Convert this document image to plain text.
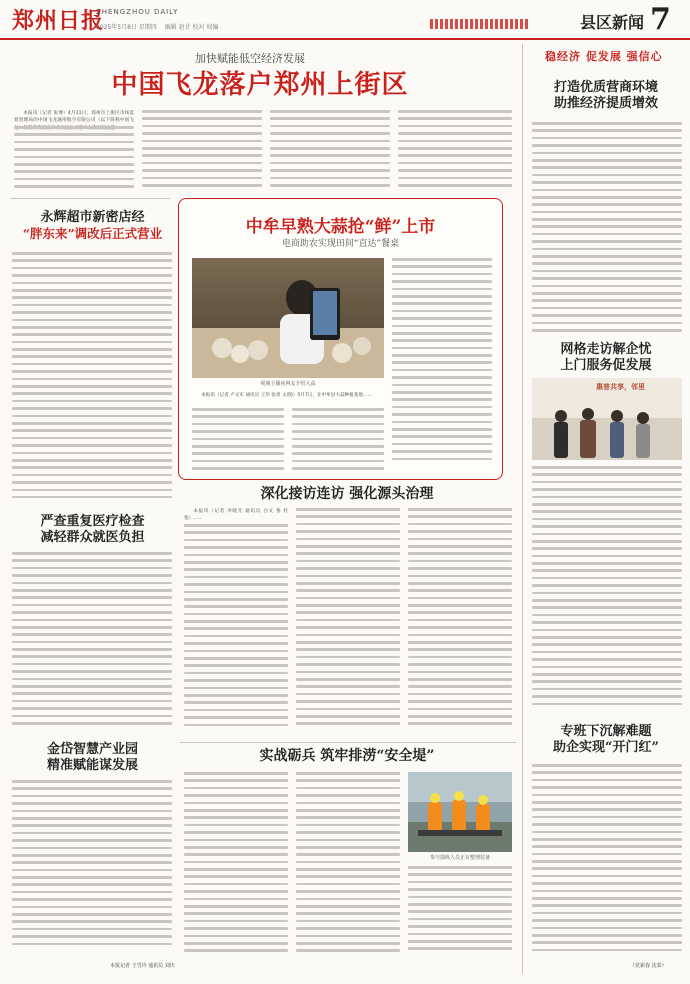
郑州日报
ZHENGZHOU DAILY
2025年5月8日 星期四 编辑 赵甘 校对 权编	县区新闻 7
加快赋能低空经济发展
中国飞龙落户郑州上街区

本报讯（记者 张博）4月11日，郑州市上街区市场监督管理局的中国飞龙通用航空有限公司（以下简称中国飞

稳经济 促发展 强信心
永辉超市新密店经
“胖东来”调改后正式营业
严查重复医疗检查
减轻群众就医负担
金岱智慧产业园
精准赋能谋发展
本报记者 王雪玲 通讯员 刘庆
中牟早熟大蒜抢“鲜”上市
电商助农实现田间“直达”餐桌
视频主播向网友介绍大蒜

本报讯（记者 卢文军 通讯员 王华 张勇 文/图）5月7日，在中牟县大蒜种植基地……

深化接访连访 强化源头治理

本报讯（记者 李晓光 通讯员 白文 鲁 杜 张）……

实战砺兵 筑牢排涝“安全堤”
参与演练人员正在整理装备
打造优质营商环境
助推经济提质增效
网格走访解企忧
上门服务促发展
惠普共享，邻里
专班下沉解难题
助企实现“开门红”
（党新春 沈泰）
